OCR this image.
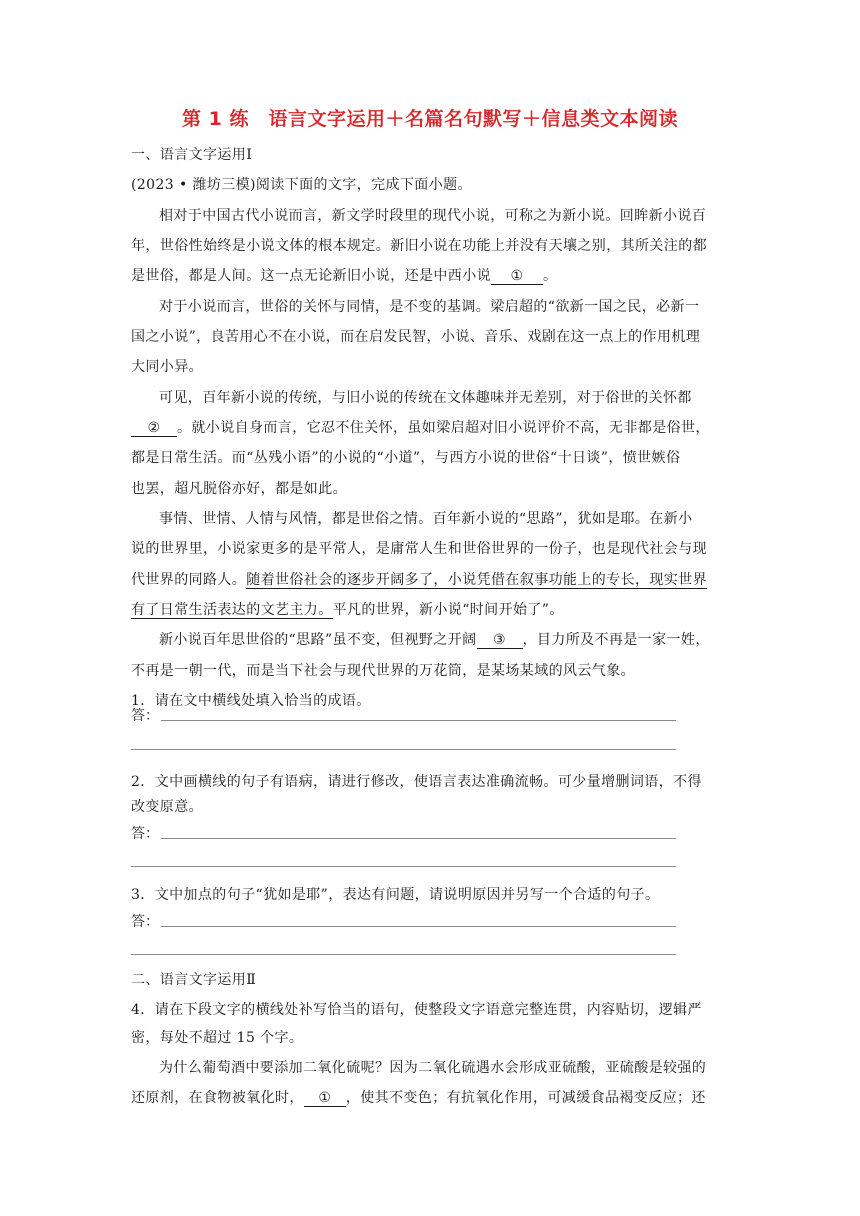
第 1 练　语言文字运用＋名篇名句默写＋信息类文本阅读
一、语言文字运用Ⅰ
(2023 • 潍坊三模)阅读下面的文字，完成下面小题。
相对于中国古代小说而言，新文学时段里的现代小说，可称之为新小说。回眸新小说百
年，世俗性始终是小说文体的根本规定。新旧小说在功能上并没有天壤之别，其所关注的都
是世俗，都是人间。这一点无论新旧小说，还是中西小说 ① 。
对于小说而言，世俗的关怀与同情，是不变的基调。梁启超的“欲新一国之民，必新一
国之小说”，良苦用心不在小说，而在启发民智，小说、音乐、戏剧在这一点上的作用机理
大同小异。
可见，百年新小说的传统，与旧小说的传统在文体趣味并无差别，对于俗世的关怀都
② 。就小说自身而言，它忍不住关怀，虽如梁启超对旧小说评价不高，无非都是俗世，
都是日常生活。而“丛残小语”的小说的“小道”，与西方小说的世俗“十日谈”，愤世嫉俗
也罢，超凡脱俗亦好，都是如此。
事情、世情、人情与风情，都是世俗之情。百年新小说的“思路”，犹如是耶。在新小
说的世界里，小说家更多的是平常人，是庸常人生和世俗世界的一份子，也是现代社会与现
代世界的同路人。随着世俗社会的逐步开阔多了，小说凭借在叙事功能上的专长，现实世界
有了日常生活表达的文艺主力。平凡的世界，新小说“时间开始了”。
新小说百年思世俗的“思路”虽不变，但视野之开阔 ③ ，目力所及不再是一家一姓，
不再是一朝一代，而是当下社会与现代世界的万花筒，是某场某域的风云气象。
1．请在文中横线处填入恰当的成语。
答：
2．文中画横线的句子有语病，请进行修改，使语言表达准确流畅。可少量增删词语，不得
改变原意。
答：
3．文中加点的句子“犹如是耶”，表达有问题，请说明原因并另写一个合适的句子。
答：
二、语言文字运用Ⅱ
4．请在下段文字的横线处补写恰当的语句，使整段文字语意完整连贯，内容贴切，逻辑严
密，每处不超过 15 个字。
为什么葡萄酒中要添加二氧化硫呢？因为二氧化硫遇水会形成亚硫酸，亚硫酸是较强的
还原剂，在食物被氧化时， ① ，使其不变色；有抗氧化作用，可减缓食品褐变反应；还
